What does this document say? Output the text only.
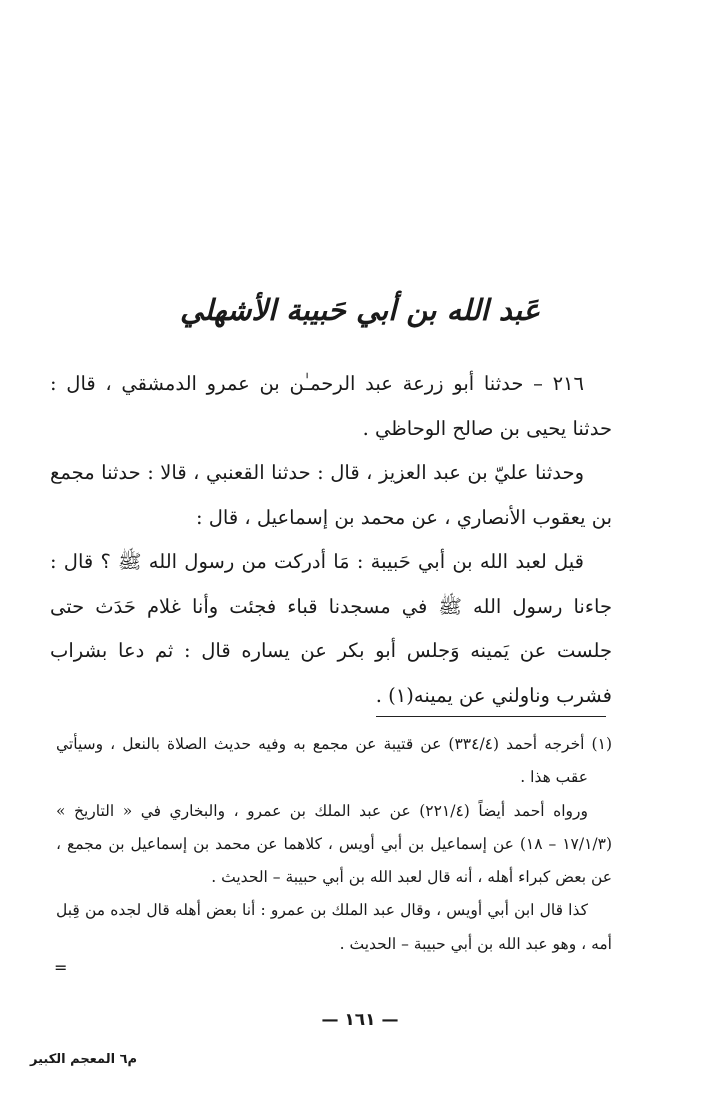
عَبد الله بن أبي حَبيبة الأشهلي

٢١٦ – حدثنا أبو زرعة عبد الرحمـٰن بن عمرو الدمشقي ، قال : حدثنا يحيى بن صالح الوحاظي .

وحدثنا عليّ بن عبد العزيز ، قال : حدثنا القعنبي ، قالا : حدثنا مجمع بن يعقوب الأنصاري ، عن محمد بن إسماعيل ، قال :

قيل لعبد الله بن أبي حَبيبة : مَا أدركت من رسول الله ﷺ ؟ قال : جاءنا رسول الله ﷺ في مسجدنا قباء فجئت وأنا غلام حَدَث حتى جلست عن يَمينه وَجلس أبو بكر عن يساره قال : ثم دعا بشراب فشرب وناولني عن يمينه(١) .

(١) أخرجه أحمد (٣٣٤/٤) عن قتيبة عن مجمع به وفيه حديث الصلاة بالنعل ، وسيأتي عقب هذا .

ورواه أحمد أيضاً (٢٢١/٤) عن عبد الملك بن عمرو ، والبخاري في « التاريخ » (١٧/١/٣ – ١٨) عن إسماعيل بن أبي أويس ، كلاهما عن محمد بن إسماعيل بن مجمع ، عن بعض كبراء أهله ، أنه قال لعبد الله بن أبي حبيبة – الحديث .

كذا قال ابن أبي أويس ، وقال عبد الملك بن عمرو : أنا بعض أهله قال لجده من قِبل أمه ، وهو عبد الله بن أبي حبيبة – الحديث .

=
— ١٦١ —
م٦ المعجم الكبير
